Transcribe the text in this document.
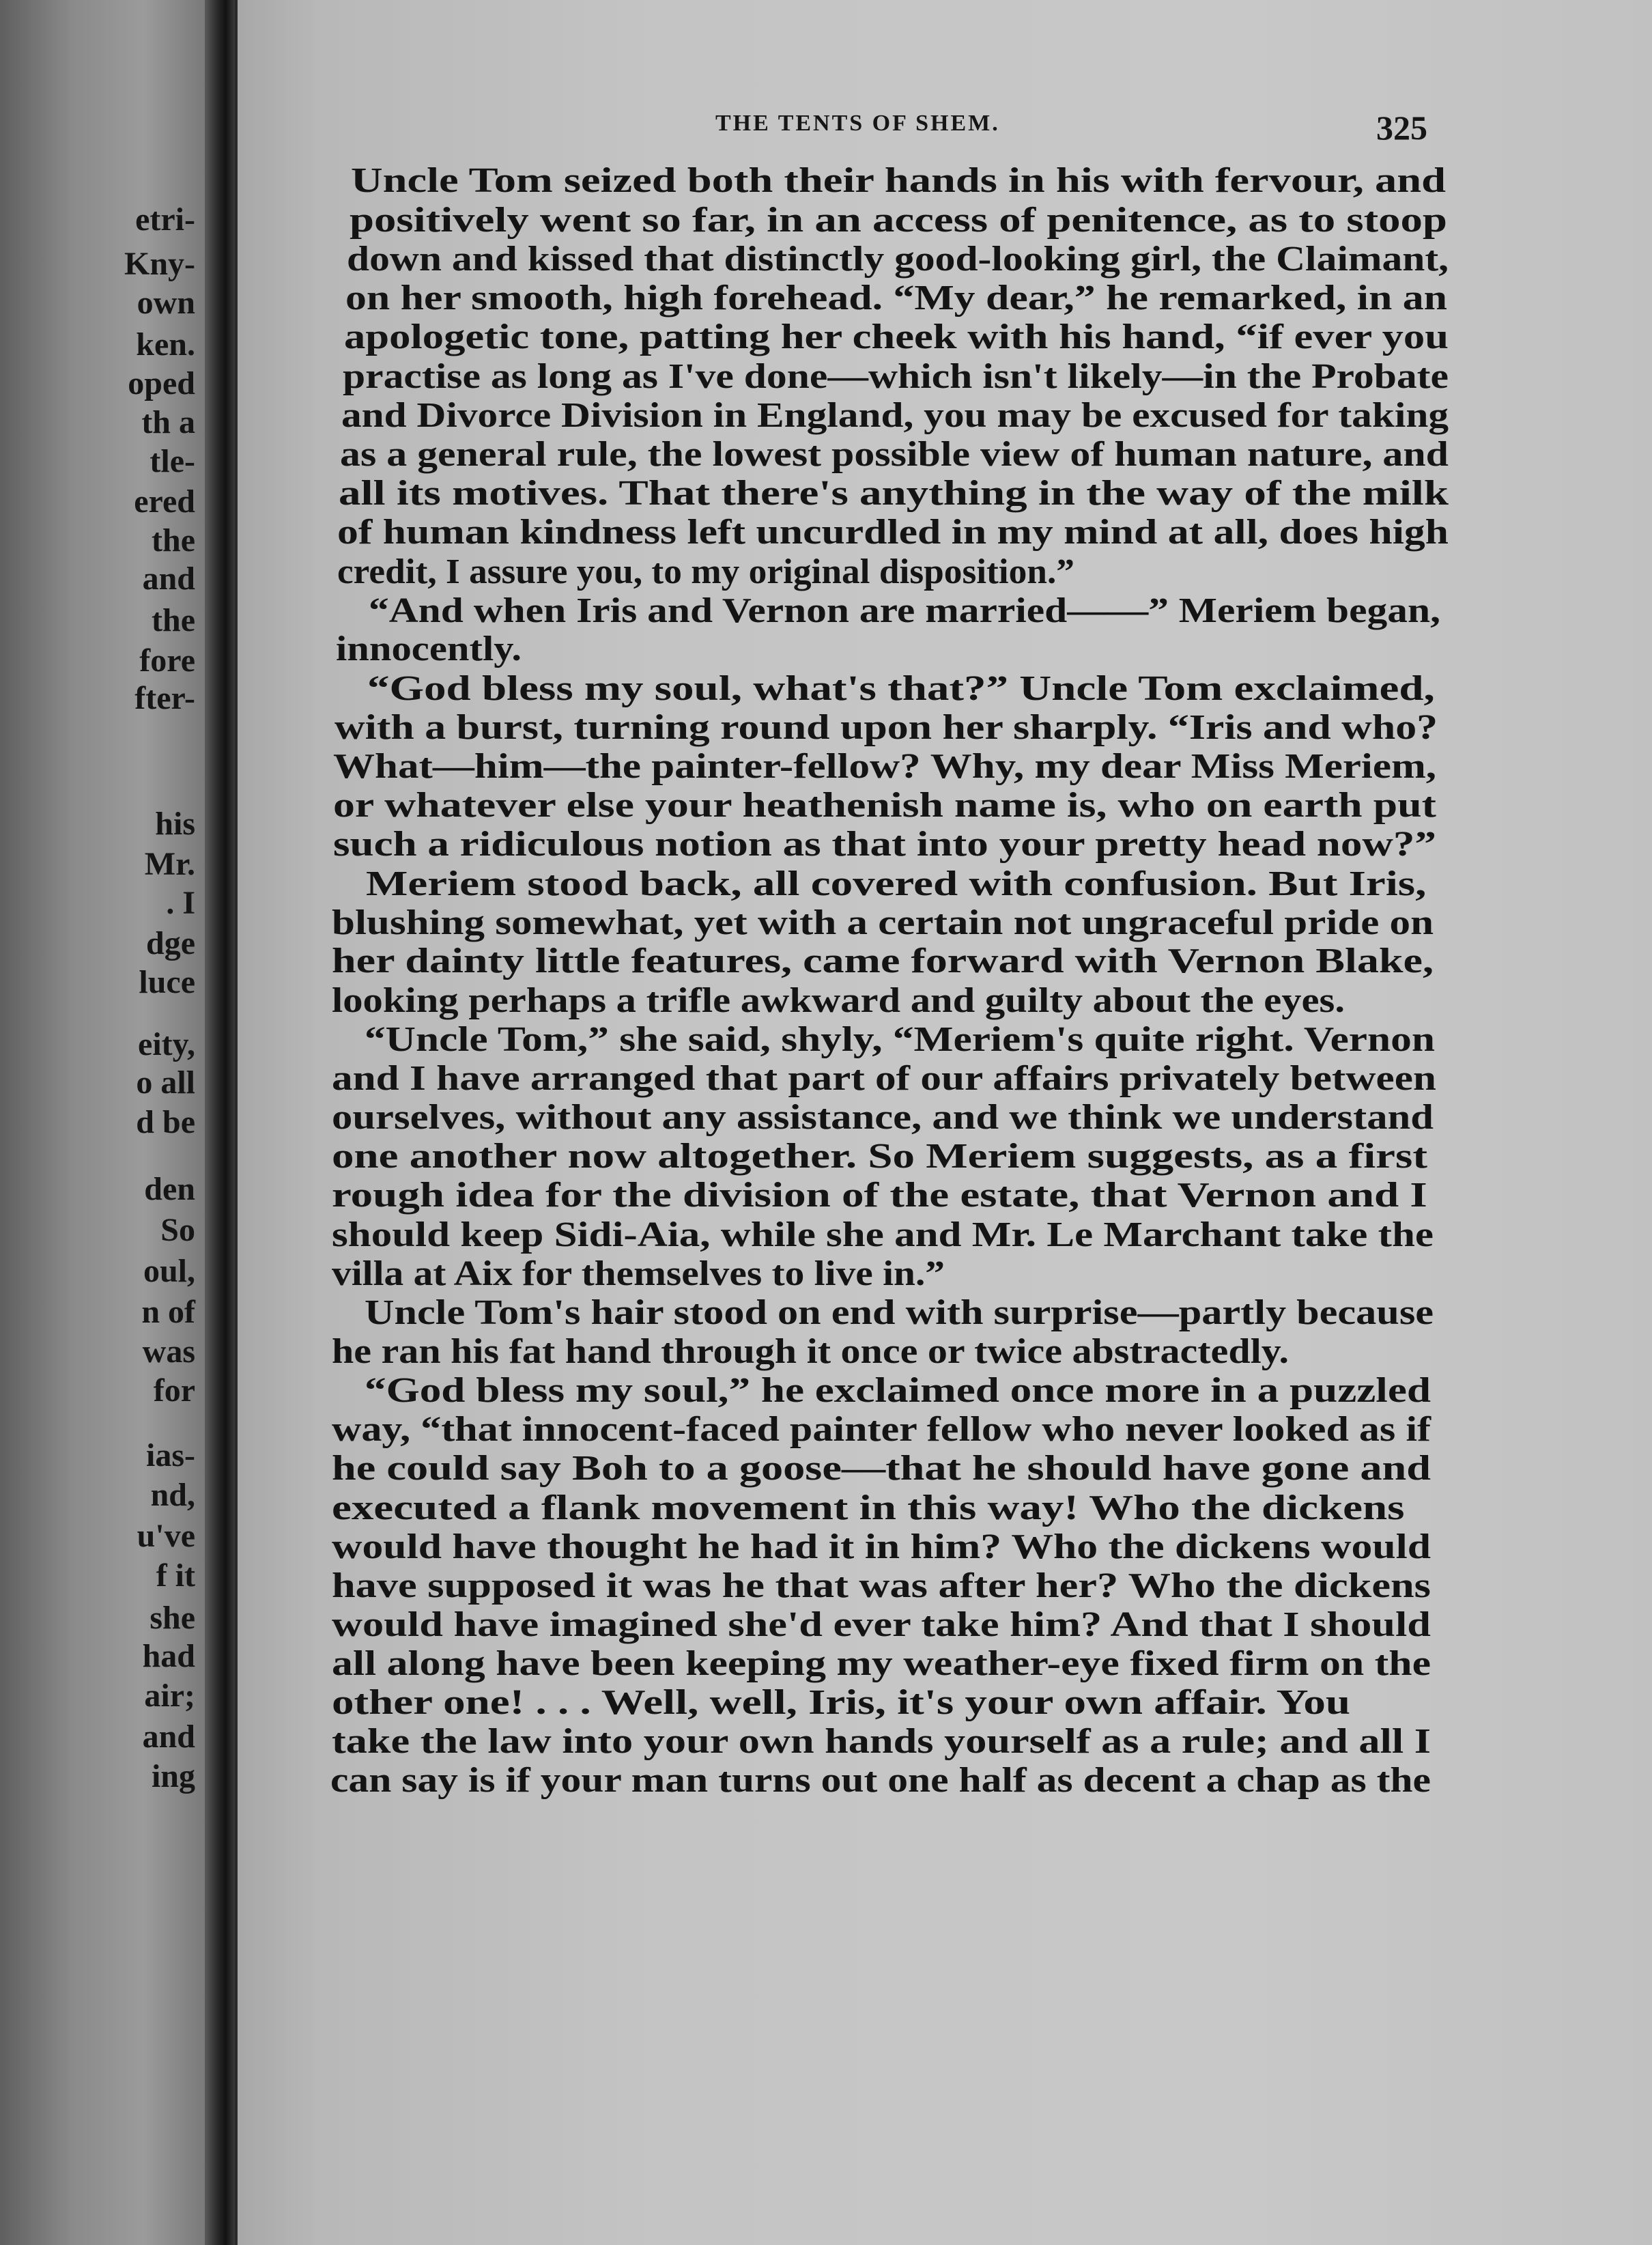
etri-
Kny-
own
ken.
oped
th a
tle-
ered
the
and
the
fore
fter-
his
Mr.
. I
dge
luce
eity,
o all
d be
den
So
oul,
n of
was
for
ias-
nd,
u've
f it
she
had
air;
and
ing
THE TENTS OF SHEM.	325
Uncle Tom seized both their hands in his with fervour, and
positively went so far, in an access of penitence, as to stoop
down and kissed that distinctly good-looking girl, the Claimant,
on her smooth, high forehead. “My dear,” he remarked, in an
apologetic tone, patting her cheek with his hand, “if ever you
practise as long as I've done—which isn't likely—in the Probate
and Divorce Division in England, you may be excused for taking
as a general rule, the lowest possible view of human nature, and
all its motives. That there's anything in the way of the milk
of human kindness left uncurdled in my mind at all, does high
credit, I assure you, to my original disposition.”
“And when Iris and Vernon are married——” Meriem began,
innocently.
“God bless my soul, what's that?” Uncle Tom exclaimed,
with a burst, turning round upon her sharply. “Iris and who?
What—him—the painter-fellow? Why, my dear Miss Meriem,
or whatever else your heathenish name is, who on earth put
such a ridiculous notion as that into your pretty head now?”
Meriem stood back, all covered with confusion. But Iris,
blushing somewhat, yet with a certain not ungraceful pride on
her dainty little features, came forward with Vernon Blake,
looking perhaps a trifle awkward and guilty about the eyes.
“Uncle Tom,” she said, shyly, “Meriem's quite right. Vernon
and I have arranged that part of our affairs privately between
ourselves, without any assistance, and we think we understand
one another now altogether. So Meriem suggests, as a first
rough idea for the division of the estate, that Vernon and I
should keep Sidi-Aia, while she and Mr. Le Marchant take the
villa at Aix for themselves to live in.”
Uncle Tom's hair stood on end with surprise—partly because
he ran his fat hand through it once or twice abstractedly.
“God bless my soul,” he exclaimed once more in a puzzled
way, “that innocent-faced painter fellow who never looked as if
he could say Boh to a goose—that he should have gone and
executed a flank movement in this way! Who the dickens
would have thought he had it in him? Who the dickens would
have supposed it was he that was after her? Who the dickens
would have imagined she'd ever take him? And that I should
all along have been keeping my weather-eye fixed firm on the
other one! . . . Well, well, Iris, it's your own affair. You
take the law into your own hands yourself as a rule; and all I
can say is if your man turns out one half as decent a chap as the
